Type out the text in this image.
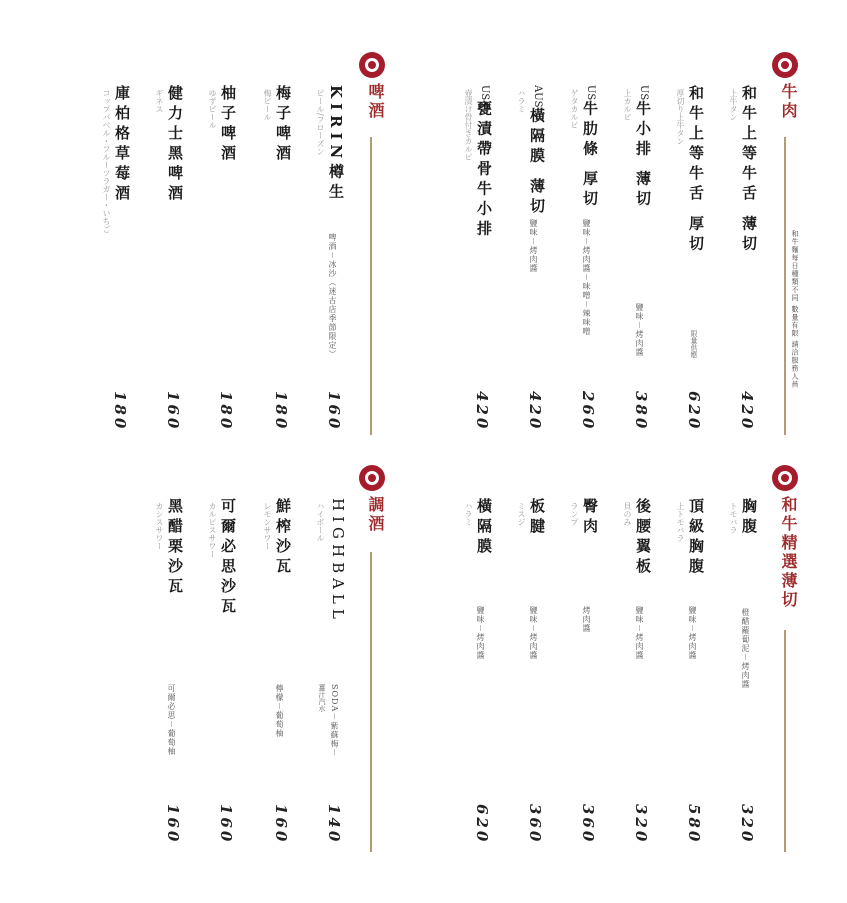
牛肉
和牛麵每日種類不同 數量有限 請洽服務人員
和牛上等牛舌 薄切
上牛タン
420
和牛上等牛舌 厚切
厚切り上牛タン
限量供應
620
US牛小排 薄切
上カルビ
鹽味－烤肉醬
380
US牛肋條 厚切
ゲタカルビ
鹽味－烤肉醬－味噌－辣味噌
260
AUS橫隔膜 薄切
ハラミ
鹽味－烤肉醬
420
US甕漬帶骨牛小排
壺漬け骨付きカルビ
420
啤酒
KIRIN樽生
ビール/フローズン
啤酒－冰沙（迷古店季節限定）
160
梅子啤酒
梅ビール
180
柚子啤酒
ゆずビール
180
健力士黑啤酒
ギネス
160
庫柏格草莓酒
コップバベル・フルーツラガー・いちご
180
和牛精選薄切
胸腹
トモバラ
橙醋蘿蔔泥－烤肉醬
320
頂級胸腹
上トモバラ
鹽味－烤肉醬
580
後腰翼板
貝のみ
鹽味－烤肉醬
320
臀肉
ランプ
烤肉醬
360
板腱
ミスジ
鹽味－烤肉醬
360
橫隔膜
ハラミ
鹽味－烤肉醬
620
調酒
HIGHBALL
ハイボール
SODA－紫蘇梅－
薑汁汽水
140
鮮榨沙瓦
レモンサワー
檸檬－葡萄柚
160
可爾必思沙瓦
カルピスサワー
160
黑醋栗沙瓦
カシスサワー
可爾必思－葡萄柚
160
